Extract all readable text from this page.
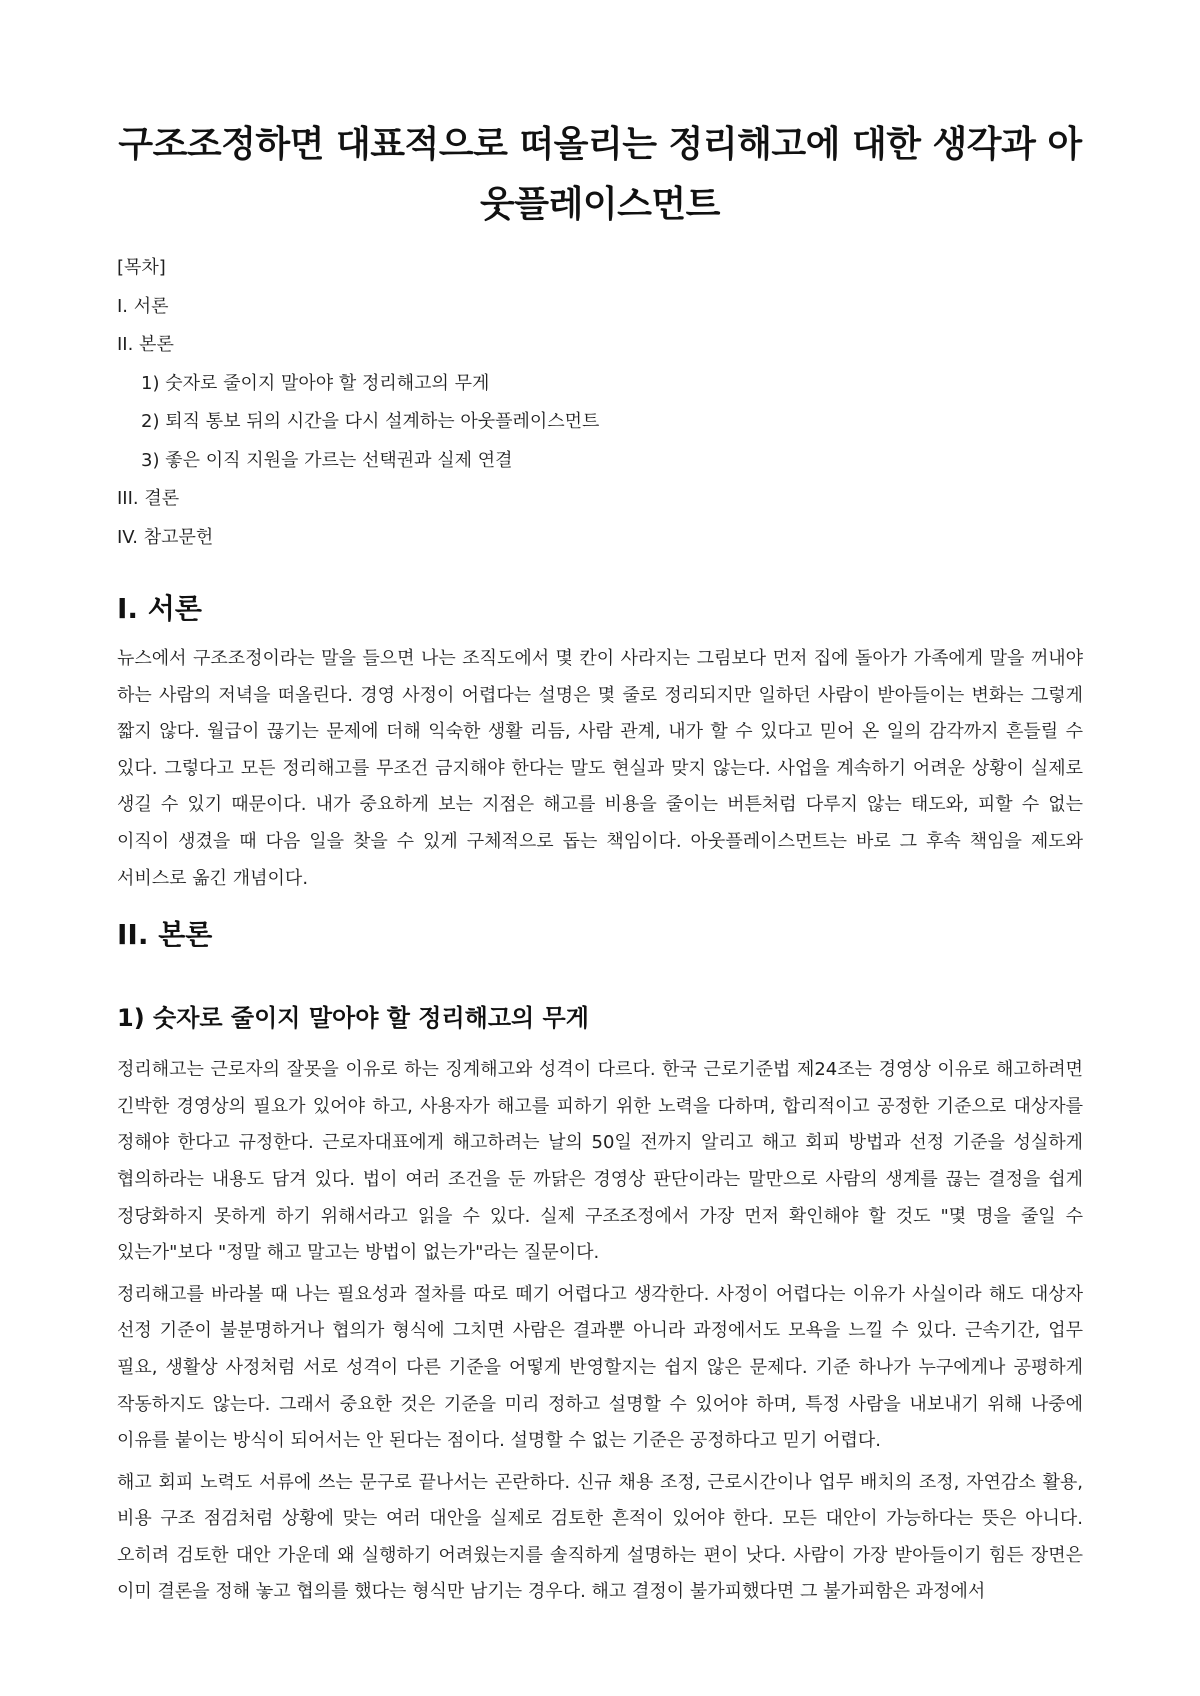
구조조정하면 대표적으로 떠올리는 정리해고에 대한 생각과 아웃플레이스먼트
[목차]
I. 서론
II. 본론
1) 숫자로 줄이지 말아야 할 정리해고의 무게
2) 퇴직 통보 뒤의 시간을 다시 설계하는 아웃플레이스먼트
3) 좋은 이직 지원을 가르는 선택권과 실제 연결
III. 결론
IV. 참고문헌
I. 서론

뉴스에서 구조조정이라는 말을 들으면 나는 조직도에서 몇 칸이 사라지는 그림보다 먼저 집에 돌아가 가족에게 말을 꺼내야 하는 사람의 저녁을 떠올린다. 경영 사정이 어렵다는 설명은 몇 줄로 정리되지만 일하던 사람이 받아들이는 변화는 그렇게 짧지 않다. 월급이 끊기는 문제에 더해 익숙한 생활 리듬, 사람 관계, 내가 할 수 있다고 믿어 온 일의 감각까지 흔들릴 수 있다. 그렇다고 모든 정리해고를 무조건 금지해야 한다는 말도 현실과 맞지 않는다. 사업을 계속하기 어려운 상황이 실제로 생길 수 있기 때문이다. 내가 중요하게 보는 지점은 해고를 비용을 줄이는 버튼처럼 다루지 않는 태도와, 피할 수 없는 이직이 생겼을 때 다음 일을 찾을 수 있게 구체적으로 돕는 책임이다. 아웃플레이스먼트는 바로 그 후속 책임을 제도와 서비스로 옮긴 개념이다.

II. 본론
1) 숫자로 줄이지 말아야 할 정리해고의 무게

정리해고는 근로자의 잘못을 이유로 하는 징계해고와 성격이 다르다. 한국 근로기준법 제24조는 경영상 이유로 해고하려면 긴박한 경영상의 필요가 있어야 하고, 사용자가 해고를 피하기 위한 노력을 다하며, 합리적이고 공정한 기준으로 대상자를 정해야 한다고 규정한다. 근로자대표에게 해고하려는 날의 50일 전까지 알리고 해고 회피 방법과 선정 기준을 성실하게 협의하라는 내용도 담겨 있다. 법이 여러 조건을 둔 까닭은 경영상 판단이라는 말만으로 사람의 생계를 끊는 결정을 쉽게 정당화하지 못하게 하기 위해서라고 읽을 수 있다. 실제 구조조정에서 가장 먼저 확인해야 할 것도 "몇 명을 줄일 수 있는가"보다 "정말 해고 말고는 방법이 없는가"라는 질문이다.

정리해고를 바라볼 때 나는 필요성과 절차를 따로 떼기 어렵다고 생각한다. 사정이 어렵다는 이유가 사실이라 해도 대상자 선정 기준이 불분명하거나 협의가 형식에 그치면 사람은 결과뿐 아니라 과정에서도 모욕을 느낄 수 있다. 근속기간, 업무 필요, 생활상 사정처럼 서로 성격이 다른 기준을 어떻게 반영할지는 쉽지 않은 문제다. 기준 하나가 누구에게나 공평하게 작동하지도 않는다. 그래서 중요한 것은 기준을 미리 정하고 설명할 수 있어야 하며, 특정 사람을 내보내기 위해 나중에 이유를 붙이는 방식이 되어서는 안 된다는 점이다. 설명할 수 없는 기준은 공정하다고 믿기 어렵다.

해고 회피 노력도 서류에 쓰는 문구로 끝나서는 곤란하다. 신규 채용 조정, 근로시간이나 업무 배치의 조정, 자연감소 활용, 비용 구조 점검처럼 상황에 맞는 여러 대안을 실제로 검토한 흔적이 있어야 한다. 모든 대안이 가능하다는 뜻은 아니다. 오히려 검토한 대안 가운데 왜 실행하기 어려웠는지를 솔직하게 설명하는 편이 낫다. 사람이 가장 받아들이기 힘든 장면은 이미 결론을 정해 놓고 협의를 했다는 형식만 남기는 경우다. 해고 결정이 불가피했다면 그 불가피함은 과정에서
